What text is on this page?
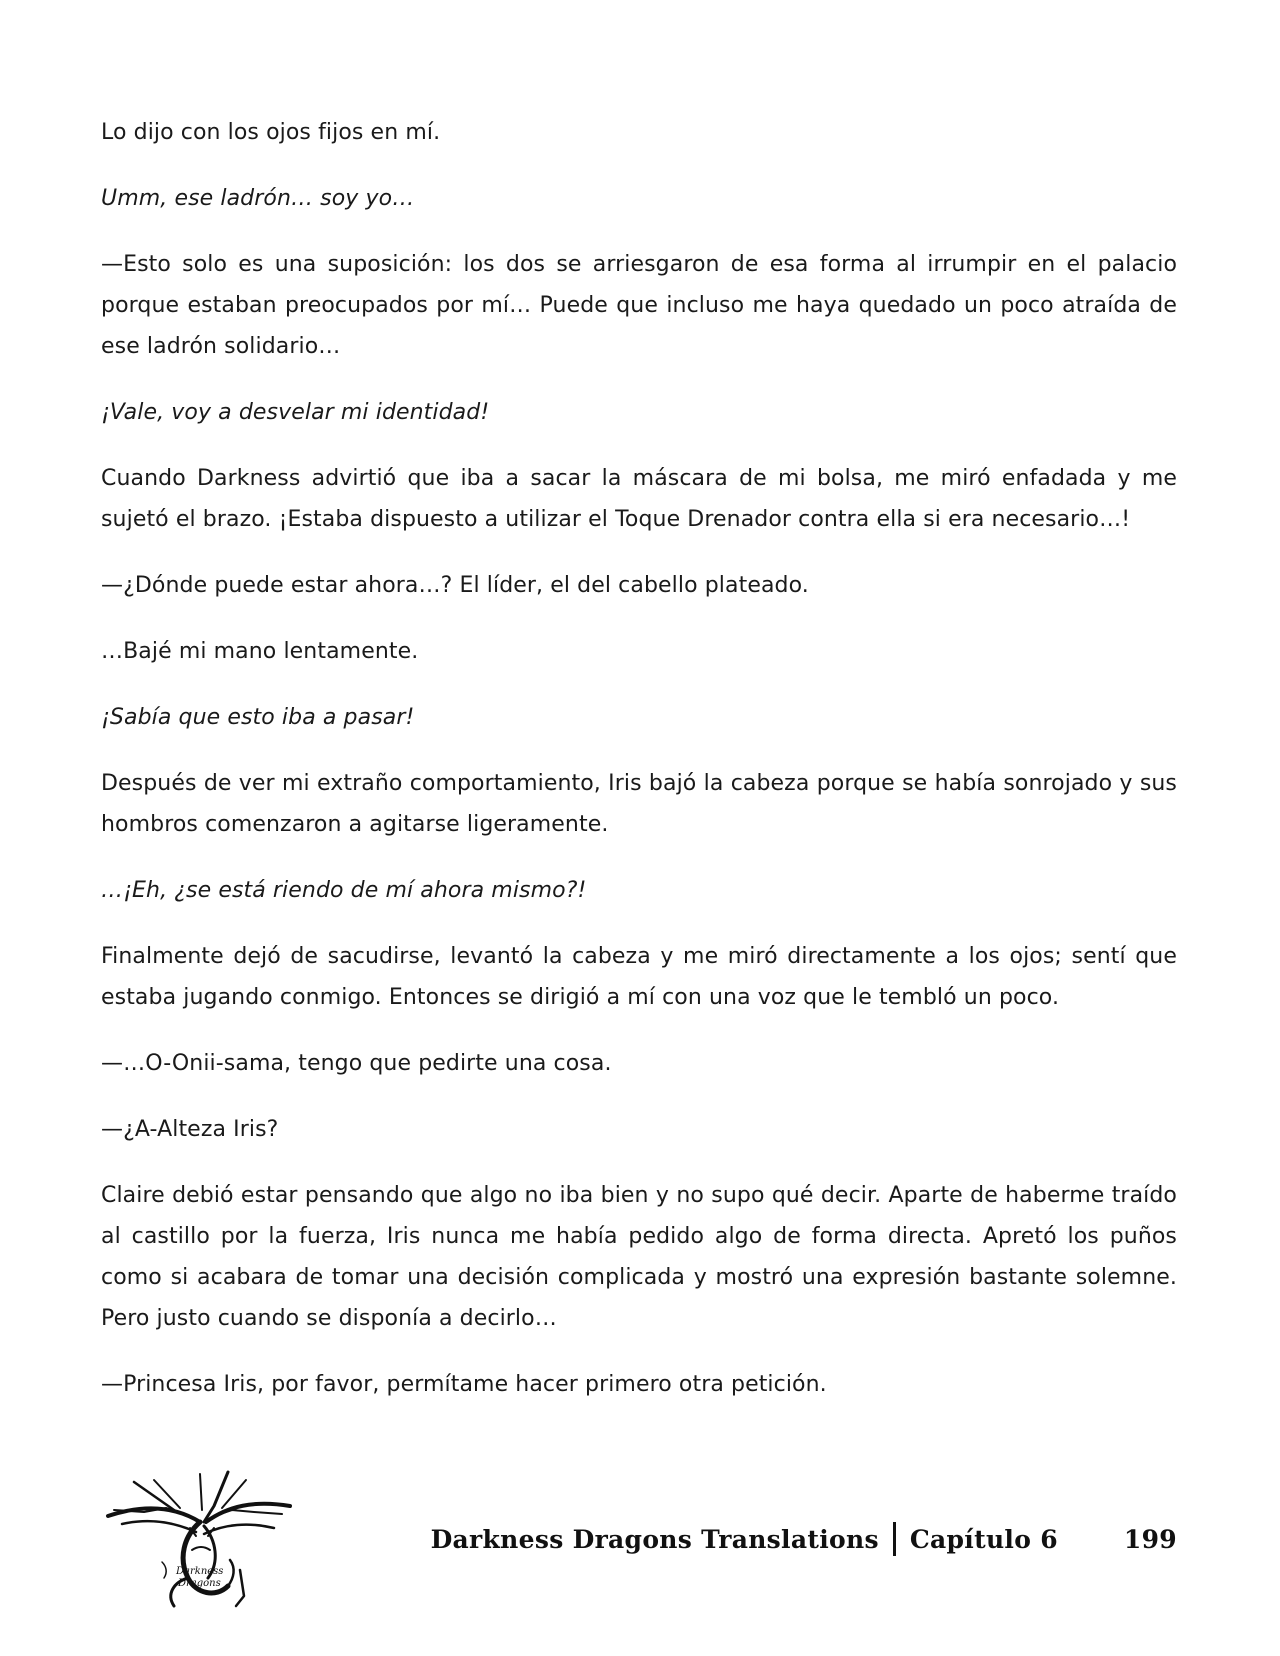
Lo dijo con los ojos fijos en mí.

Umm, ese ladrón… soy yo…

—Esto solo es una suposición: los dos se arriesgaron de esa forma al irrumpir en el palacio porque estaban preocupados por mí… Puede que incluso me haya quedado un poco atraída de ese ladrón solidario…

¡Vale, voy a desvelar mi identidad!

Cuando Darkness advirtió que iba a sacar la máscara de mi bolsa, me miró enfadada y me sujetó el brazo. ¡Estaba dispuesto a utilizar el Toque Drenador contra ella si era necesario…!

—¿Dónde puede estar ahora…? El líder, el del cabello plateado.

…Bajé mi mano lentamente.

¡Sabía que esto iba a pasar!

Después de ver mi extraño comportamiento, Iris bajó la cabeza porque se había sonrojado y sus hombros comenzaron a agitarse ligeramente.

…¡Eh, ¿se está riendo de mí ahora mismo?!

Finalmente dejó de sacudirse, levantó la cabeza y me miró directamente a los ojos; sentí que estaba jugando conmigo. Entonces se dirigió a mí con una voz que le tembló un poco.

—…O-Onii-sama, tengo que pedirte una cosa.

—¿A-Alteza Iris?

Claire debió estar pensando que algo no iba bien y no supo qué decir. Aparte de haberme traído al castillo por la fuerza, Iris nunca me había pedido algo de forma directa. Apretó los puños como si acabara de tomar una decisión complicada y mostró una expresión bastante solemne. Pero justo cuando se disponía a decirlo…

—Princesa Iris, por favor, permítame hacer primero otra petición.

Darkness
Dragons
Darkness Dragons Translations Capítulo 6	199
